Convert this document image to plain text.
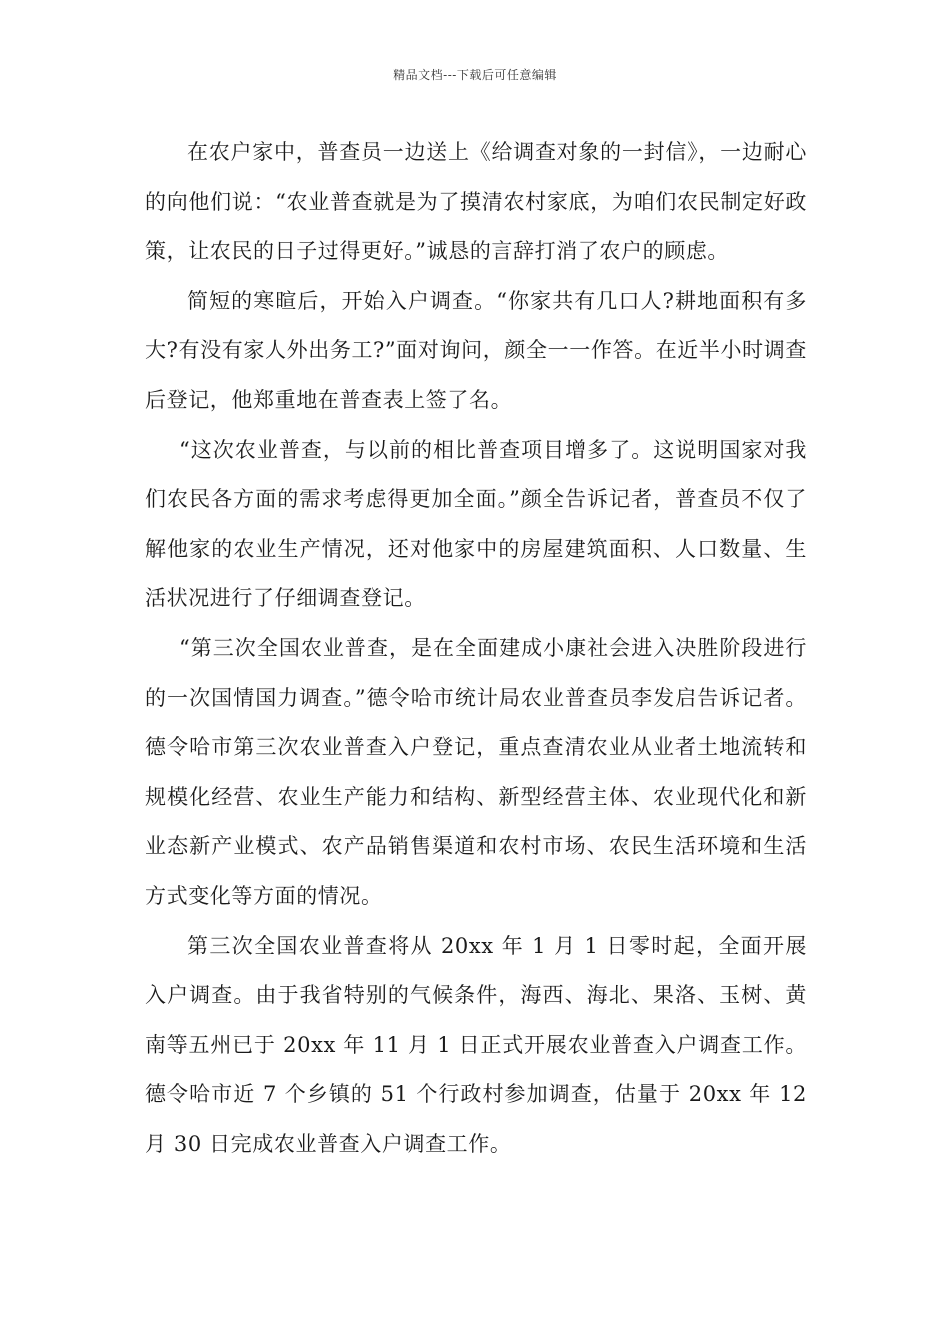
精品文档---下载后可任意编辑

在农户家中，普查员一边送上《给调查对象的一封信》，一边耐心的向他们说：“农业普查就是为了摸清农村家底，为咱们农民制定好政策，让农民的日子过得更好。”诚恳的言辞打消了农户的顾虑。

简短的寒暄后，开始入户调查。“你家共有几口人?耕地面积有多大?有没有家人外出务工?”面对询问，颜全一一作答。在近半小时调查后登记，他郑重地在普查表上签了名。

“这次农业普查，与以前的相比普查项目增多了。这说明国家对我们农民各方面的需求考虑得更加全面。”颜全告诉记者，普查员不仅了解他家的农业生产情况，还对他家中的房屋建筑面积、人口数量、生活状况进行了仔细调查登记。

“第三次全国农业普查，是在全面建成小康社会进入决胜阶段进行的一次国情国力调查。”德令哈市统计局农业普查员李发启告诉记者。德令哈市第三次农业普查入户登记，重点查清农业从业者土地流转和规模化经营、农业生产能力和结构、新型经营主体、农业现代化和新业态新产业模式、农产品销售渠道和农村市场、农民生活环境和生活方式变化等方面的情况。

第三次全国农业普查将从 20xx 年 1 月 1 日零时起，全面开展入户调查。由于我省特别的气候条件，海西、海北、果洛、玉树、黄南等五州已于 20xx 年 11 月 1 日正式开展农业普查入户调查工作。德令哈市近 7 个乡镇的 51 个行政村参加调查，估量于 20xx 年 12 月 30 日完成农业普查入户调查工作。
